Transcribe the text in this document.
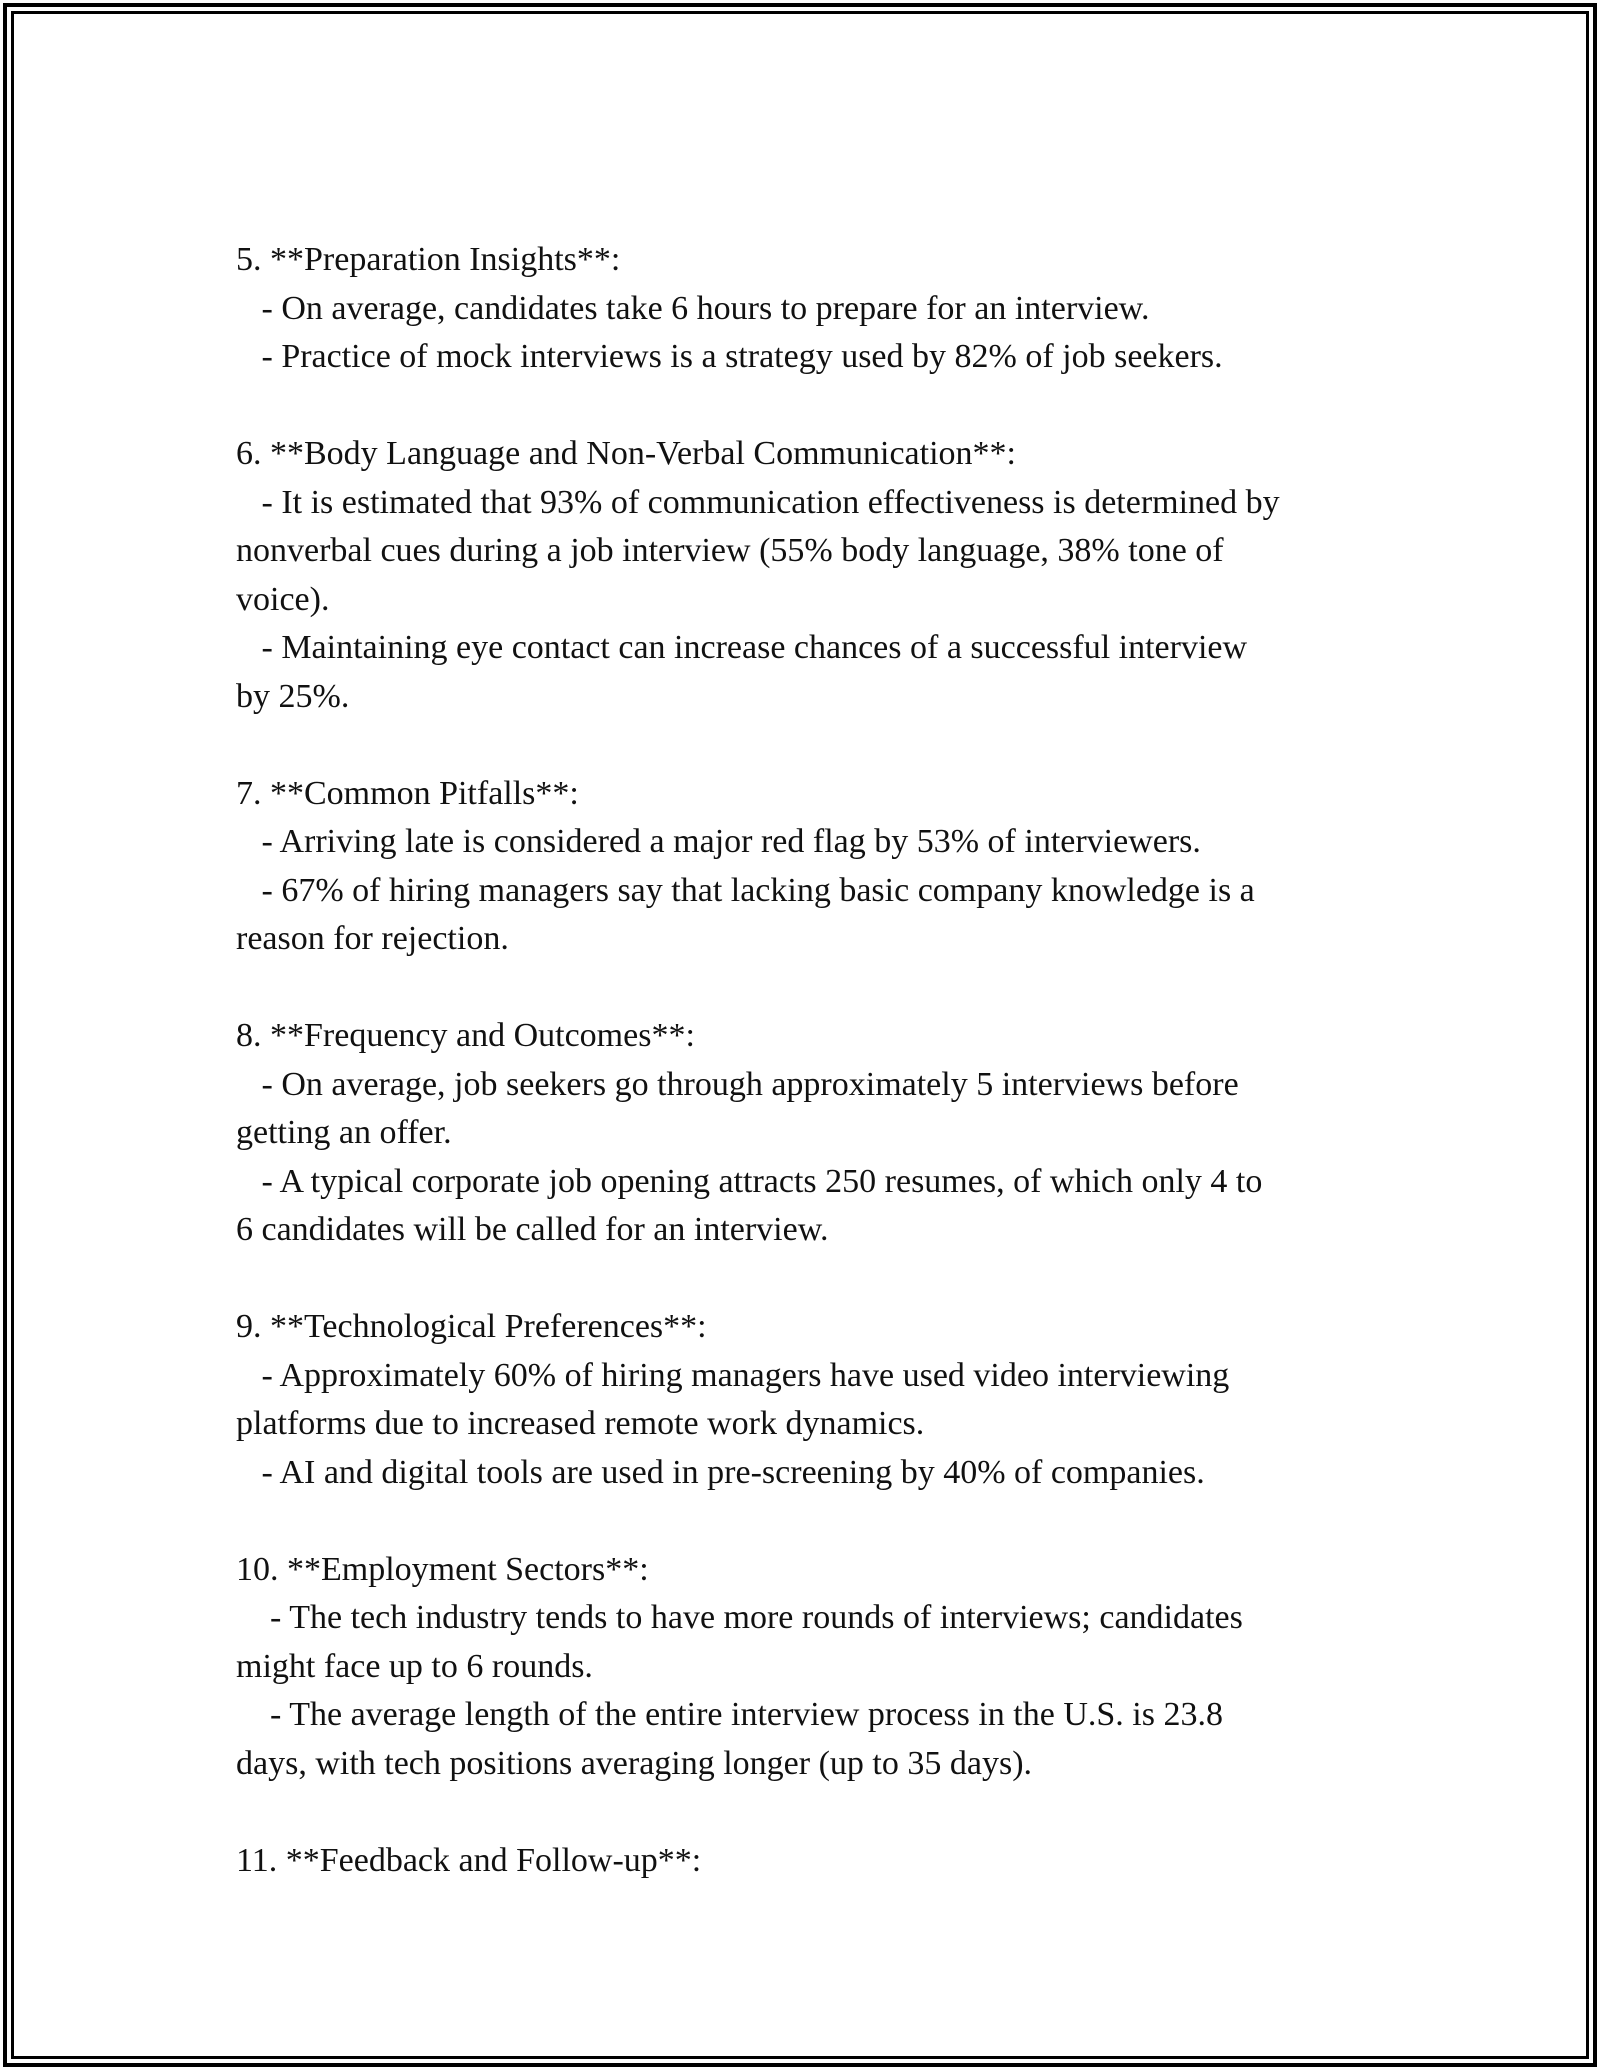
5. **Preparation Insights**:
- On average, candidates take 6 hours to prepare for an interview.
- Practice of mock interviews is a strategy used by 82% of job seekers.
6. **Body Language and Non-Verbal Communication**:
- It is estimated that 93% of communication effectiveness is determined by
nonverbal cues during a job interview (55% body language, 38% tone of
voice).
- Maintaining eye contact can increase chances of a successful interview
by 25%.
7. **Common Pitfalls**:
- Arriving late is considered a major red flag by 53% of interviewers.
- 67% of hiring managers say that lacking basic company knowledge is a
reason for rejection.
8. **Frequency and Outcomes**:
- On average, job seekers go through approximately 5 interviews before
getting an offer.
- A typical corporate job opening attracts 250 resumes, of which only 4 to
6 candidates will be called for an interview.
9. **Technological Preferences**:
- Approximately 60% of hiring managers have used video interviewing
platforms due to increased remote work dynamics.
- AI and digital tools are used in pre-screening by 40% of companies.
10. **Employment Sectors**:
- The tech industry tends to have more rounds of interviews; candidates
might face up to 6 rounds.
- The average length of the entire interview process in the U.S. is 23.8
days, with tech positions averaging longer (up to 35 days).
11. **Feedback and Follow-up**:
